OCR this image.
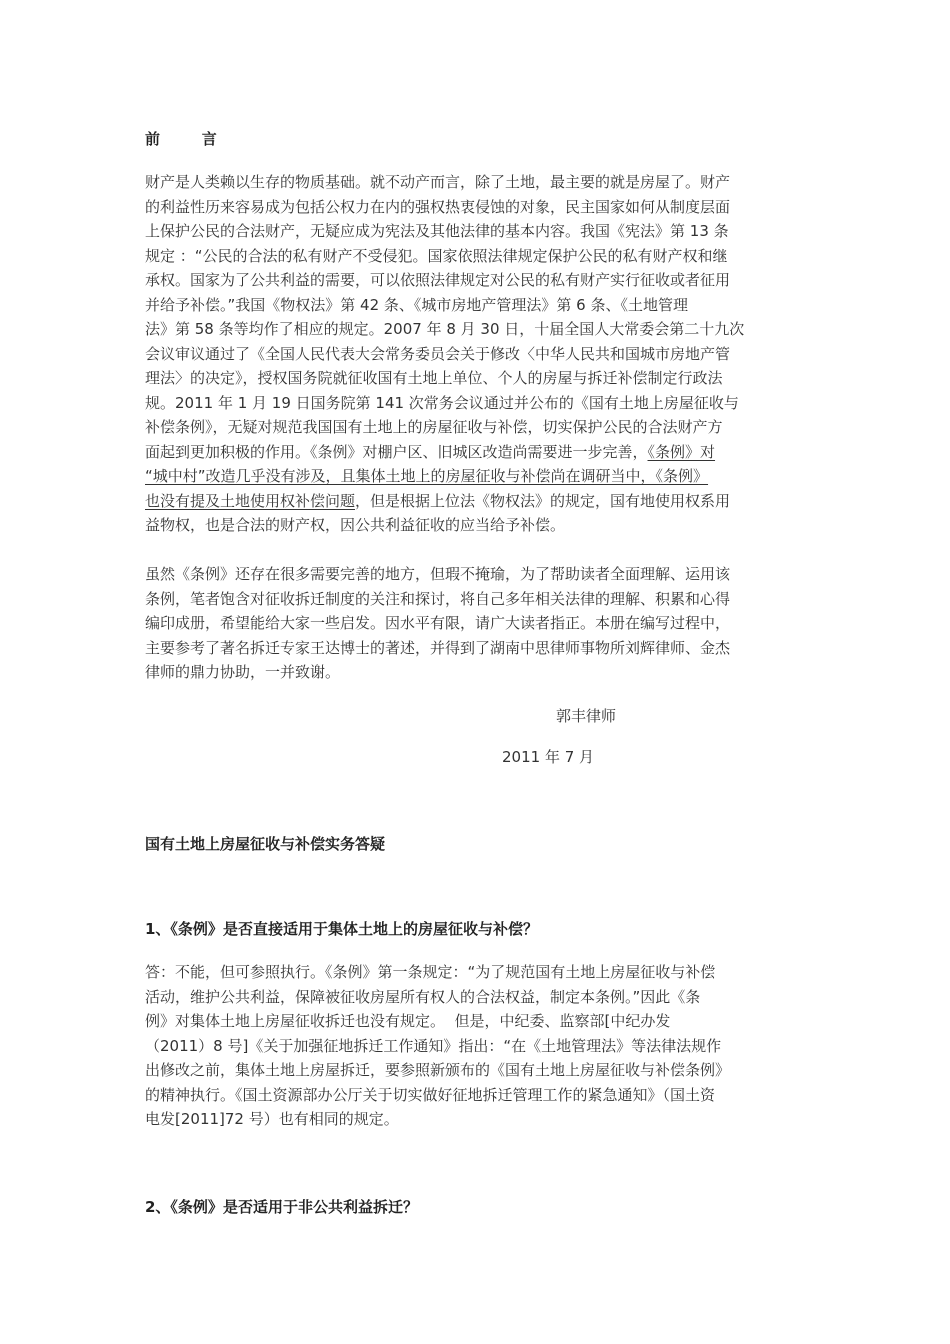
前        言
财产是人类赖以生存的物质基础。就不动产而言，除了土地，最主要的就是房屋了。财产
的利益性历来容易成为包括公权力在内的强权热衷侵蚀的对象，民主国家如何从制度层面
上保护公民的合法财产，无疑应成为宪法及其他法律的基本内容。我国《宪法》第 13 条
规定 ：“公民的合法的私有财产不受侵犯。国家依照法律规定保护公民的私有财产权和继
承权。国家为了公共利益的需要，可以依照法律规定对公民的私有财产实行征收或者征用
并给予补偿。”我国《物权法》第 42 条、《城市房地产管理法》第 6 条、《土地管理
法》第 58 条等均作了相应的规定。2007 年 8 月 30 日，十届全国人大常委会第二十九次
会议审议通过了《全国人民代表大会常务委员会关于修改〈中华人民共和国城市房地产管
理法〉的决定》，授权国务院就征收国有土地上单位、个人的房屋与拆迁补偿制定行政法
规。2011 年 1 月 19 日国务院第 141 次常务会议通过并公布的《国有土地上房屋征收与
补偿条例》，无疑对规范我国国有土地上的房屋征收与补偿，切实保护公民的合法财产方
面起到更加积极的作用。《条例》对棚户区、旧城区改造尚需要进一步完善，《条例》对
“城中村”改造几乎没有涉及，且集体土地上的房屋征收与补偿尚在调研当中，《条例》
也没有提及土地使用权补偿问题，但是根据上位法《物权法》的规定，国有地使用权系用
益物权，也是合法的财产权，因公共利益征收的应当给予补偿。
虽然《条例》还存在很多需要完善的地方，但瑕不掩瑜，为了帮助读者全面理解、运用该
条例，笔者饱含对征收拆迁制度的关注和探讨，将自己多年相关法律的理解、积累和心得
编印成册，希望能给大家一些启发。因水平有限，请广大读者指正。本册在编写过程中，
主要参考了著名拆迁专家王达博士的著述，并得到了湖南中思律师事物所刘辉律师、金杰
律师的鼎力协助，一并致谢。
郭丰律师
2011 年 7 月
国有土地上房屋征收与补偿实务答疑
1、《条例》是否直接适用于集体土地上的房屋征收与补偿？
答：不能，但可参照执行。《条例》第一条规定：“为了规范国有土地上房屋征收与补偿
活动，维护公共利益，保障被征收房屋所有权人的合法权益，制定本条例。”因此《条
例》对集体土地上房屋征收拆迁也没有规定。  但是，中纪委、监察部[中纪办发
（2011）8 号]《关于加强征地拆迁工作通知》指出：“在《土地管理法》等法律法规作
出修改之前，集体土地上房屋拆迁，要参照新颁布的《国有土地上房屋征收与补偿条例》
的精神执行。《国土资源部办公厅关于切实做好征地拆迁管理工作的紧急通知》（国土资
电发[2011]72 号）也有相同的规定。
2、《条例》是否适用于非公共利益拆迁？
